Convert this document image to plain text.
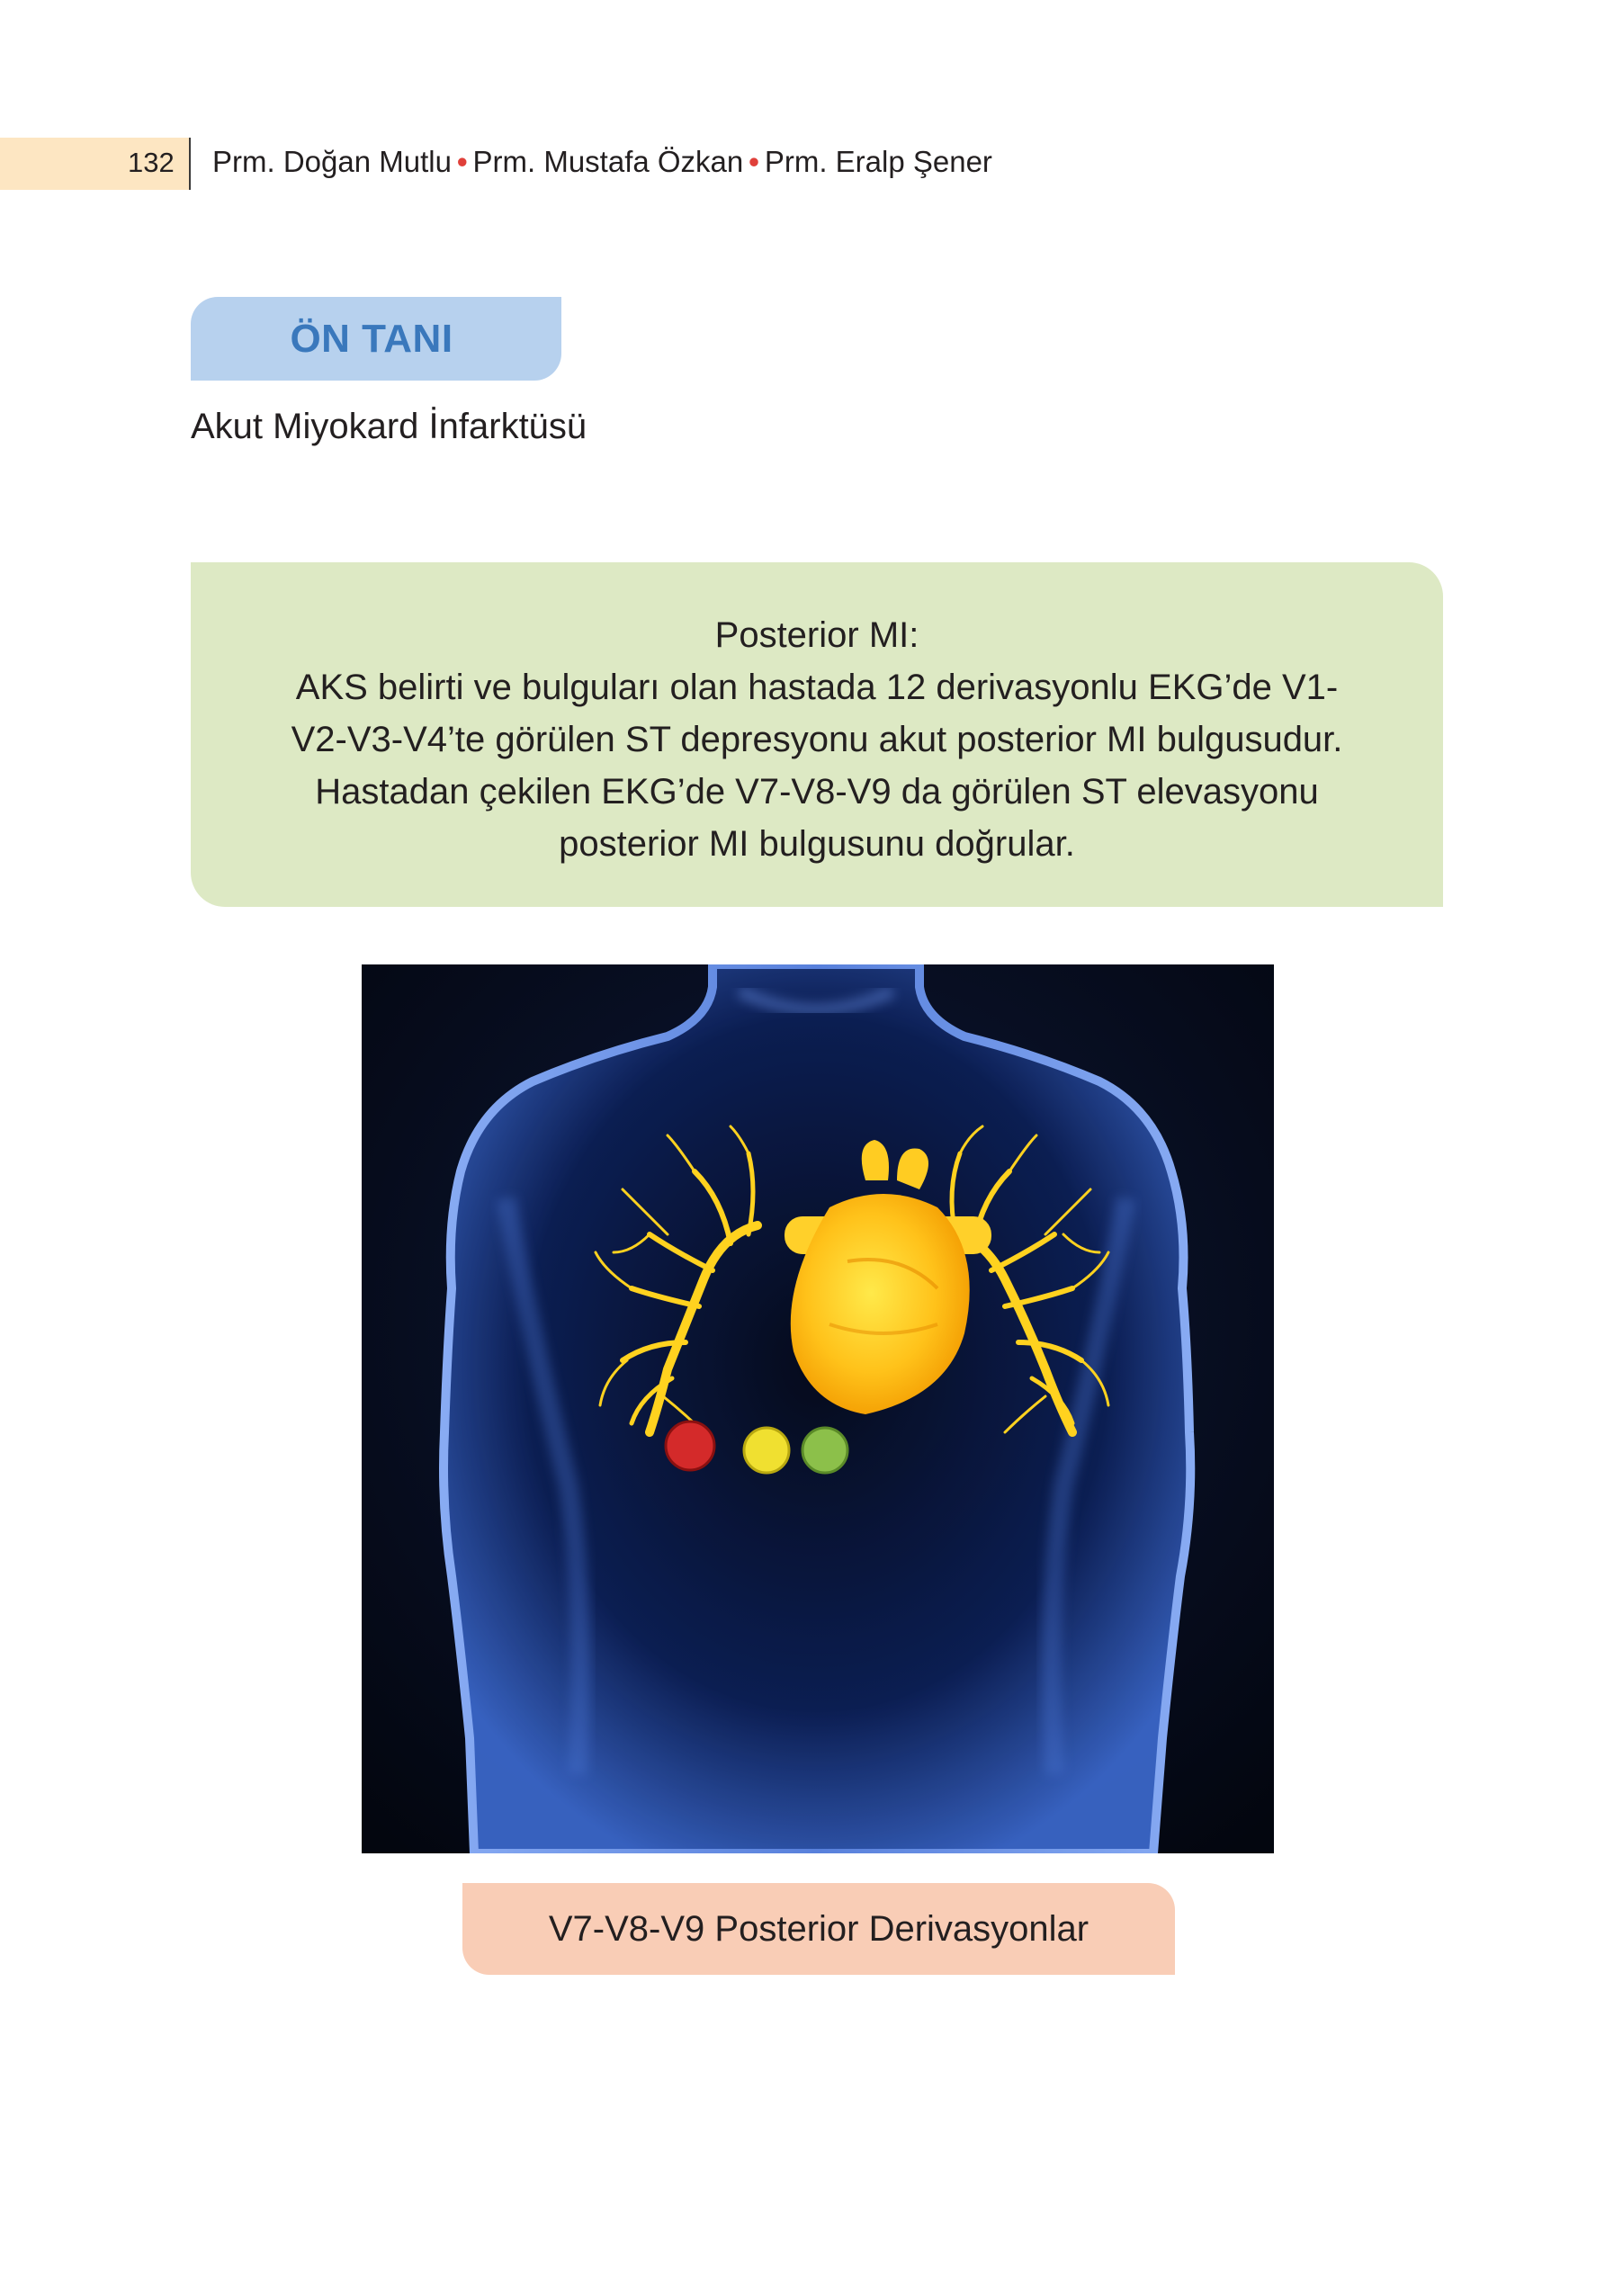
132 Prm. Doğan Mutlu • Prm. Mustafa Özkan • Prm. Eralp Şener
ÖN TANI
Akut Miyokard İnfarktüsü

Posterior MI:

AKS belirti ve bulguları olan hastada 12 derivasyonlu EKG’de V1-

V2-V3-V4’te görülen ST depresyonu akut posterior MI bulgusudur.

Hastadan çekilen EKG’de V7-V8-V9 da görülen ST elevasyonu

posterior MI bulgusunu doğrular.

V7-V8-V9 Posterior Derivasyonlar
